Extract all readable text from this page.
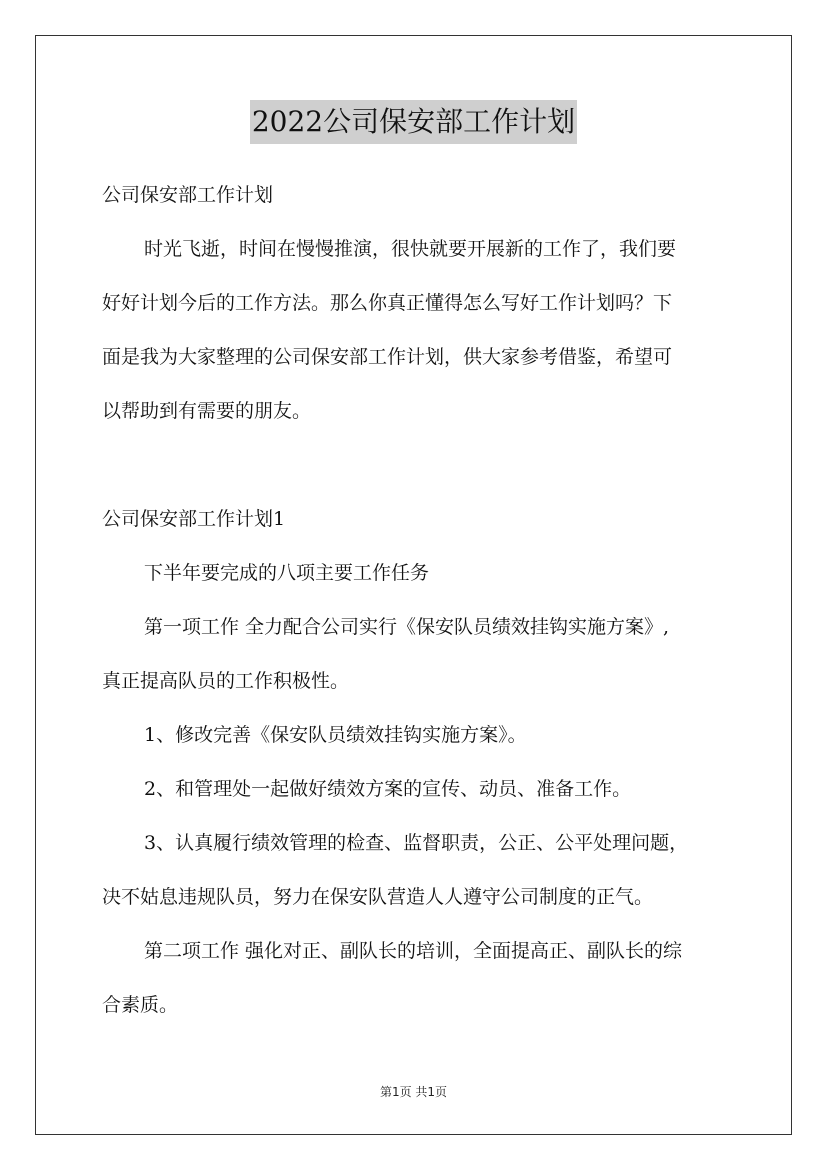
2022公司保安部工作计划

公司保安部工作计划

时光飞逝，时间在慢慢推演，很快就要开展新的工作了，我们要

好好计划今后的工作方法。那么你真正懂得怎么写好工作计划吗？下

面是我为大家整理的公司保安部工作计划，供大家参考借鉴，希望可

以帮助到有需要的朋友。

公司保安部工作计划1

下半年要完成的八项主要工作任务

第一项工作 全力配合公司实行《保安队员绩效挂钩实施方案》,

真正提高队员的工作积极性。

1、修改完善《保安队员绩效挂钩实施方案》。

2、和管理处一起做好绩效方案的宣传、动员、准备工作。

3、认真履行绩效管理的检查、监督职责，公正、公平处理问题，

决不姑息违规队员，努力在保安队营造人人遵守公司制度的正气。

第二项工作 强化对正、副队长的培训，全面提高正、副队长的综

合素质。

第1页 共1页
